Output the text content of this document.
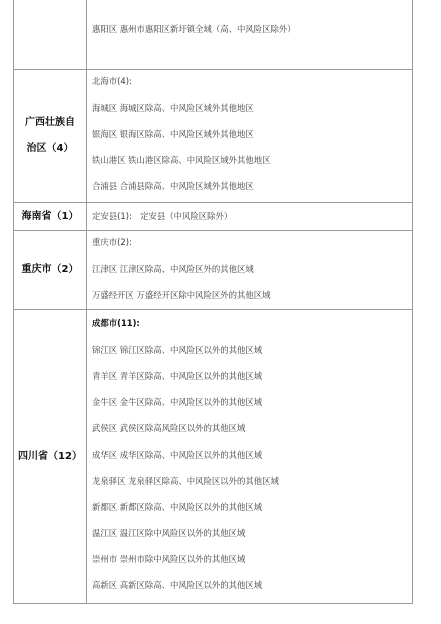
惠阳区 惠州市惠阳区新圩镇全域（高、中风险区除外）
广西壮族自治区（4）
北海市(4):
海城区 海城区除高、中风险区域外其他地区
银海区 银海区除高、中风险区域外其他地区
铁山港区 铁山港区除高、中风险区域外其他地区
合浦县 合浦县除高、中风险区域外其他地区
海南省（1）	定安县(1):　定安县（中风险区除外）
重庆市（2）
重庆市(2):
江津区 江津区除高、中风险区外的其他区域
万盛经开区 万盛经开区除中风险区外的其他区域
四川省（12）
成都市(11):
锦江区 锦江区除高、中风险区以外的其他区域
青羊区 青羊区除高、中风险区以外的其他区域
金牛区 金牛区除高、中风险区以外的其他区域
武侯区 武侯区除高风险区以外的其他区域
成华区 成华区除高、中风险区以外的其他区域
龙泉驿区 龙泉驿区除高、中风险区以外的其他区域
新都区 新都区除高、中风险区以外的其他区域
温江区 温江区除中风险区以外的其他区域
崇州市 崇州市除中风险区以外的其他区域
高新区 高新区除高、中风险区以外的其他区域
